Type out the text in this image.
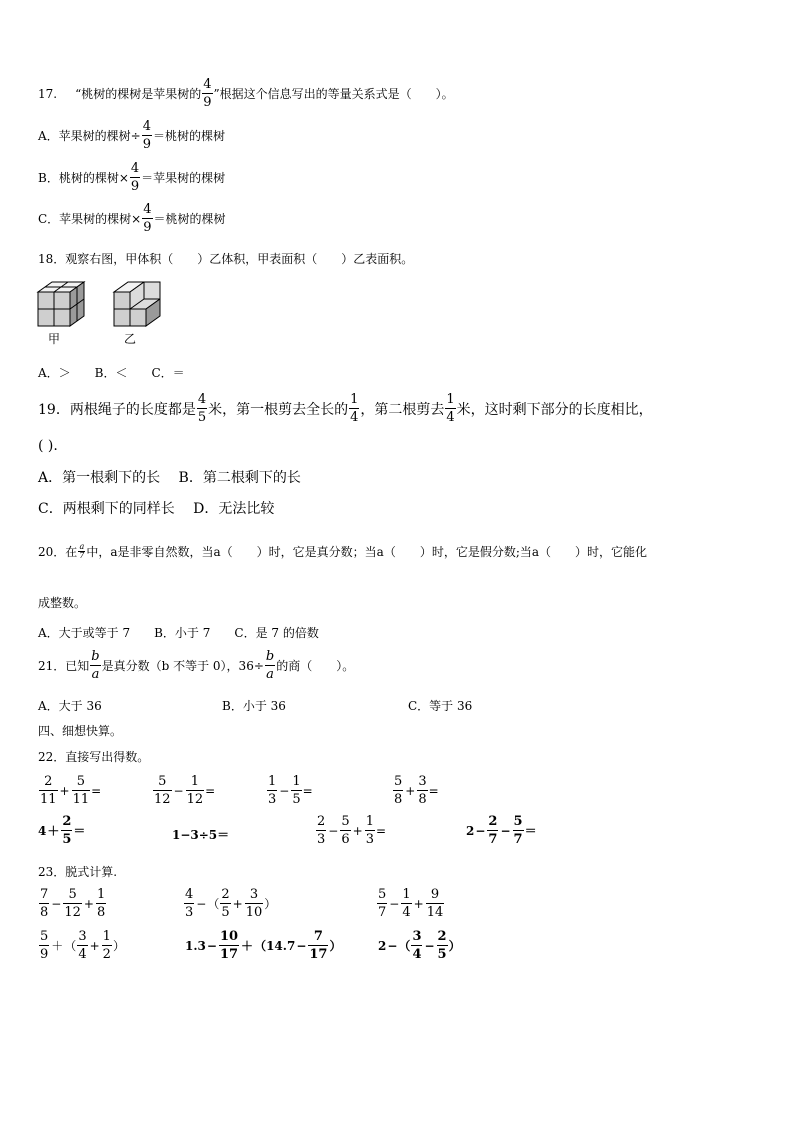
17. “桃树的棵树是苹果树的
4
9
”根据这个信息写出的等量关系式是（　　）。
A．苹果树的棵树÷
4
9
＝桃树的棵树
B．桃树的棵树×
4
9
＝苹果树的棵树
C．苹果树的棵树×
4
9
＝桃树的棵树
18．观察右图，甲体积（　　）乙体积，甲表面积（　　）乙表面积。
甲	乙
A．＞　　B．＜　　C．＝
19．两根绳子的长度都是
4
5 米，第一根剪去全长的
1
4 ，第二根剪去
1
4 米，这时剩下部分的长度相比，
( ).
A．第一根剩下的长　 B．第二根剩下的长
C．两根剩下的同样长　 D．无法比较
20．在 a
7 中，a是非零自然数，当a（　　）时，它是真分数；当a（　　）时，它是假分数;当a（　　）时，它能化
成整数。
A．大于或等于 7　　B．小于 7　　C．是 7 的倍数
21．已知
b
a
是真分数（b 不等于 0），36÷
b
a
的商（　　）。
A．大于 36	B．小于 36	C．等于 36
四、细想快算。
22．直接写出得数。
2
11
+
5
11
=
5
12
−
1
12
=
1
3
−
1
5
=
5
8
+
3
8
=
4 ＋
2
5
＝	1−3÷5＝
2
3
−
5
6
+
1
3
=	2 −
2
7
−
5
7
＝
23．脱式计算.
7
8
−
5
12
+
1
8
4
3
− （
2
5
+
3
10
）
5
7
−
1
4
+
9
14
5
9
＋ （
3
4
+
1
2
）	1.3 −
10
17
＋ （ 14.7 −
7
17
）	2 − （
3
4
−
2
5
）
